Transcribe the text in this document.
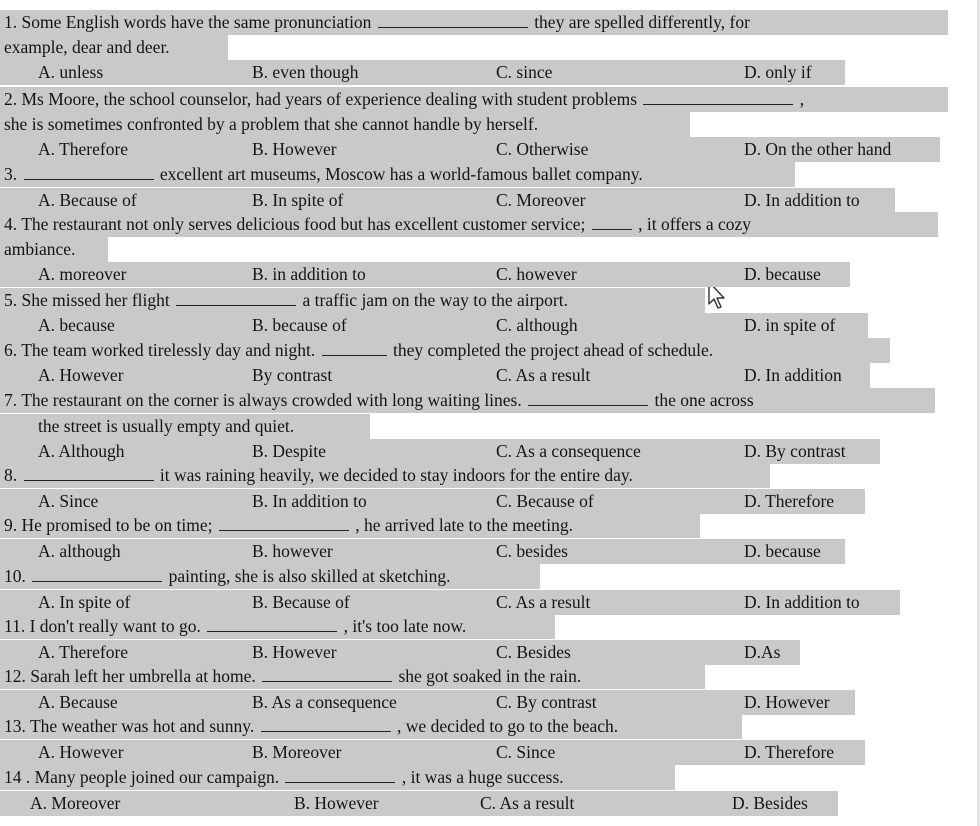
1. Some English words have the same pronunciation	they are spelled differently, for
example, dear and deer.
A. unless	B. even though	C. since	D. only if
2. Ms Moore, the school counselor, had years of experience dealing with student problems	,
she is sometimes confronted by a problem that she cannot handle by herself.
A. Therefore	B. However	C. Otherwise	D. On the other hand
3.	excellent art museums, Moscow has a world-famous ballet company.
A. Because of	B. In spite of	C. Moreover	D. In addition to
4. The restaurant not only serves delicious food but has excellent customer service;	, it offers a cozy
ambiance.
A. moreover	B. in addition to	C. however	D. because
5. She missed her flight	a traffic jam on the way to the airport.
A. because	B. because of	C. although	D. in spite of
6. The team worked tirelessly day and night.	they completed the project ahead of schedule.
A. However	By contrast	C. As a result	D. In addition
7. The restaurant on the corner is always crowded with long waiting lines.	the one across
the street is usually empty and quiet.
A. Although	B. Despite	C. As a consequence	D. By contrast
8.	it was raining heavily, we decided to stay indoors for the entire day.
A. Since	B. In addition to	C. Because of	D. Therefore
9. He promised to be on time;	, he arrived late to the meeting.
A. although	B. however	C. besides	D. because
10.	painting, she is also skilled at sketching.
A. In spite of	B. Because of	C. As a result	D. In addition to
11. I don't really want to go.	, it's too late now.
A. Therefore	B. However	C. Besides	D.As
12. Sarah left her umbrella at home.	she got soaked in the rain.
A. Because	B. As a consequence	C. By contrast	D. However
13. The weather was hot and sunny.	, we decided to go to the beach.
A. However	B. Moreover	C. Since	D. Therefore
14 . Many people joined our campaign.	, it was a huge success.
A. Moreover	B. However	C. As a result	D. Besides
